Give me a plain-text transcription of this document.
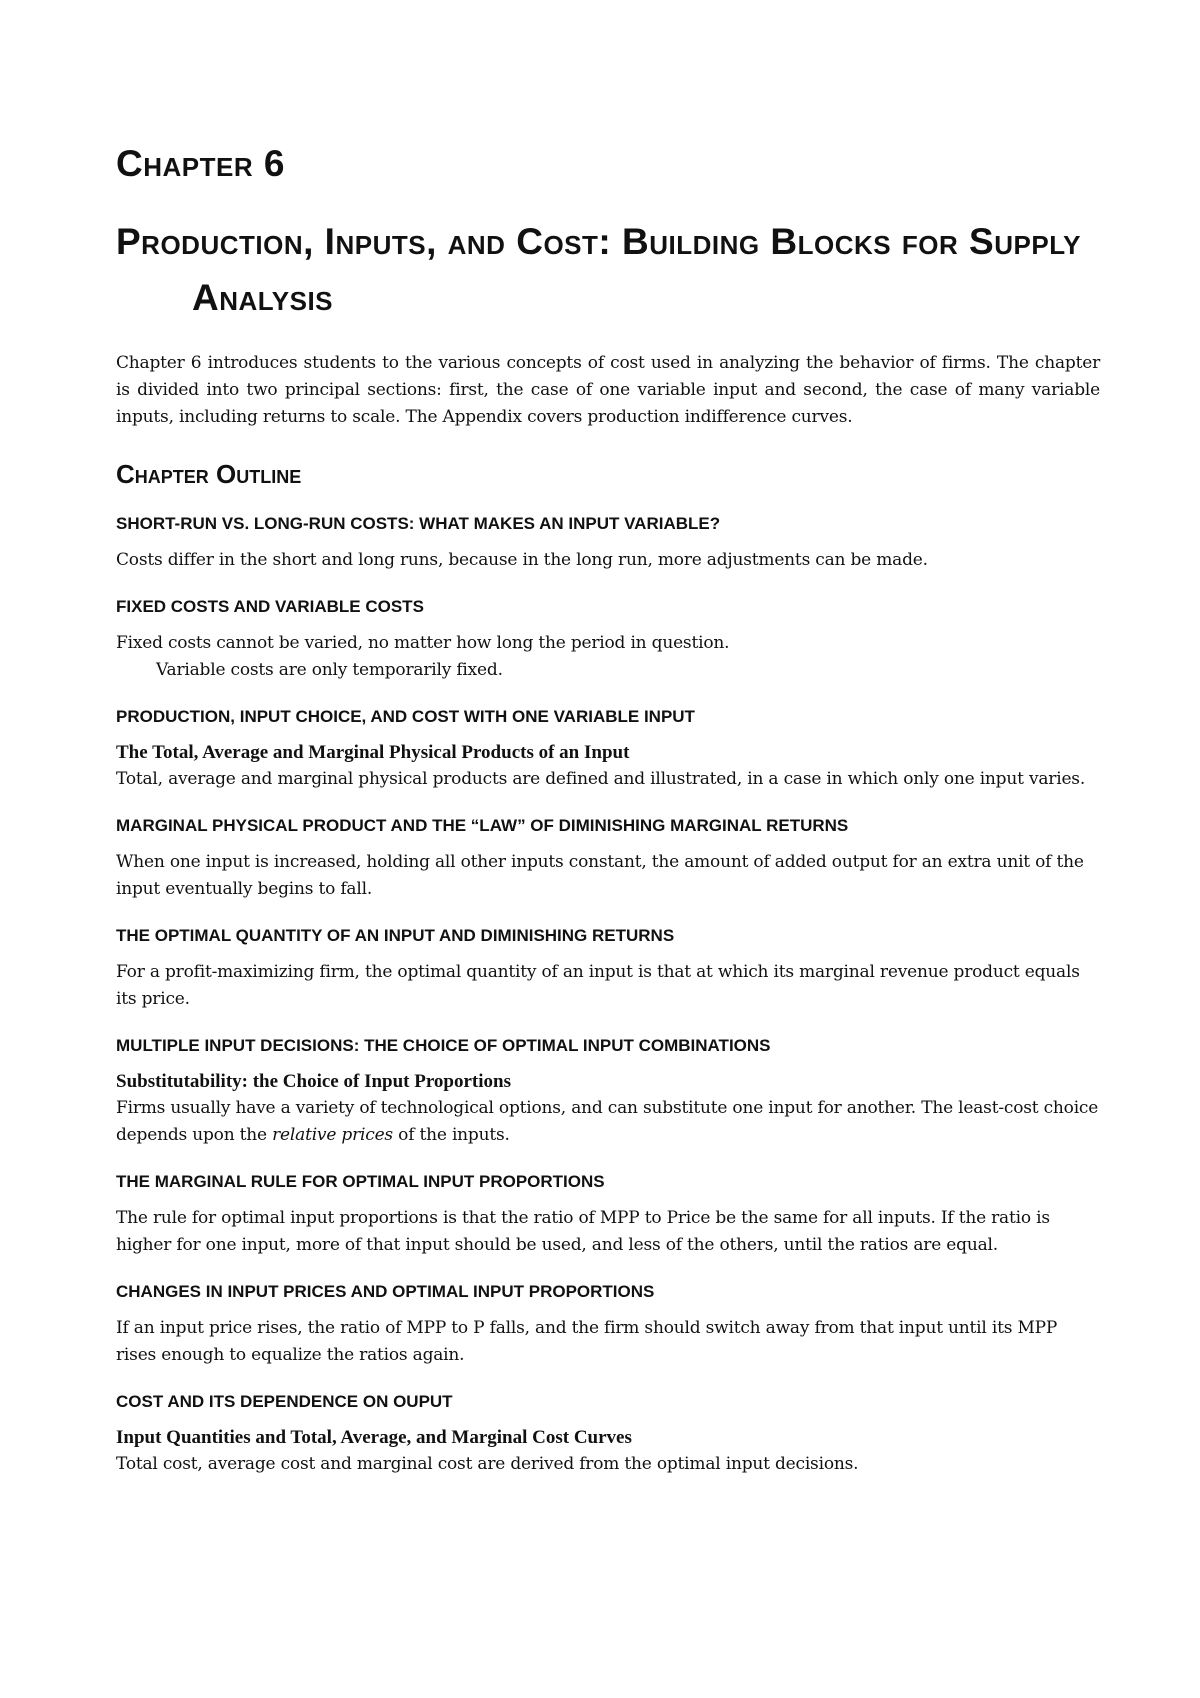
Chapter 6
Production, Inputs, and Cost: Building Blocks for Supply Analysis

Chapter 6 introduces students to the various concepts of cost used in analyzing the behavior of firms. The chapter is divided into two principal sections: first, the case of one variable input and second, the case of many variable inputs, including returns to scale. The Appendix covers production indifference curves.

Chapter Outline
SHORT-RUN VS. LONG-RUN COSTS: WHAT MAKES AN INPUT VARIABLE?

Costs differ in the short and long runs, because in the long run, more adjustments can be made.

FIXED COSTS AND VARIABLE COSTS

Fixed costs cannot be varied, no matter how long the period in question.

Variable costs are only temporarily fixed.

PRODUCTION, INPUT CHOICE, AND COST WITH ONE VARIABLE INPUT
The Total, Average and Marginal Physical Products of an Input

Total, average and marginal physical products are defined and illustrated, in a case in which only one input varies.

MARGINAL PHYSICAL PRODUCT AND THE “LAW” OF DIMINISHING MARGINAL RETURNS

When one input is increased, holding all other inputs constant, the amount of added output for an extra unit of the input eventually begins to fall.

THE OPTIMAL QUANTITY OF AN INPUT AND DIMINISHING RETURNS

For a profit-maximizing firm, the optimal quantity of an input is that at which its marginal revenue product equals its price.

MULTIPLE INPUT DECISIONS: THE CHOICE OF OPTIMAL INPUT COMBINATIONS
Substitutability: the Choice of Input Proportions

Firms usually have a variety of technological options, and can substitute one input for another. The least-cost choice depends upon the relative prices of the inputs.

THE MARGINAL RULE FOR OPTIMAL INPUT PROPORTIONS

The rule for optimal input proportions is that the ratio of MPP to Price be the same for all inputs. If the ratio is higher for one input, more of that input should be used, and less of the others, until the ratios are equal.

CHANGES IN INPUT PRICES AND OPTIMAL INPUT PROPORTIONS

If an input price rises, the ratio of MPP to P falls, and the firm should switch away from that input until its MPP rises enough to equalize the ratios again.

COST AND ITS DEPENDENCE ON OUPUT
Input Quantities and Total, Average, and Marginal Cost Curves

Total cost, average cost and marginal cost are derived from the optimal input decisions.
